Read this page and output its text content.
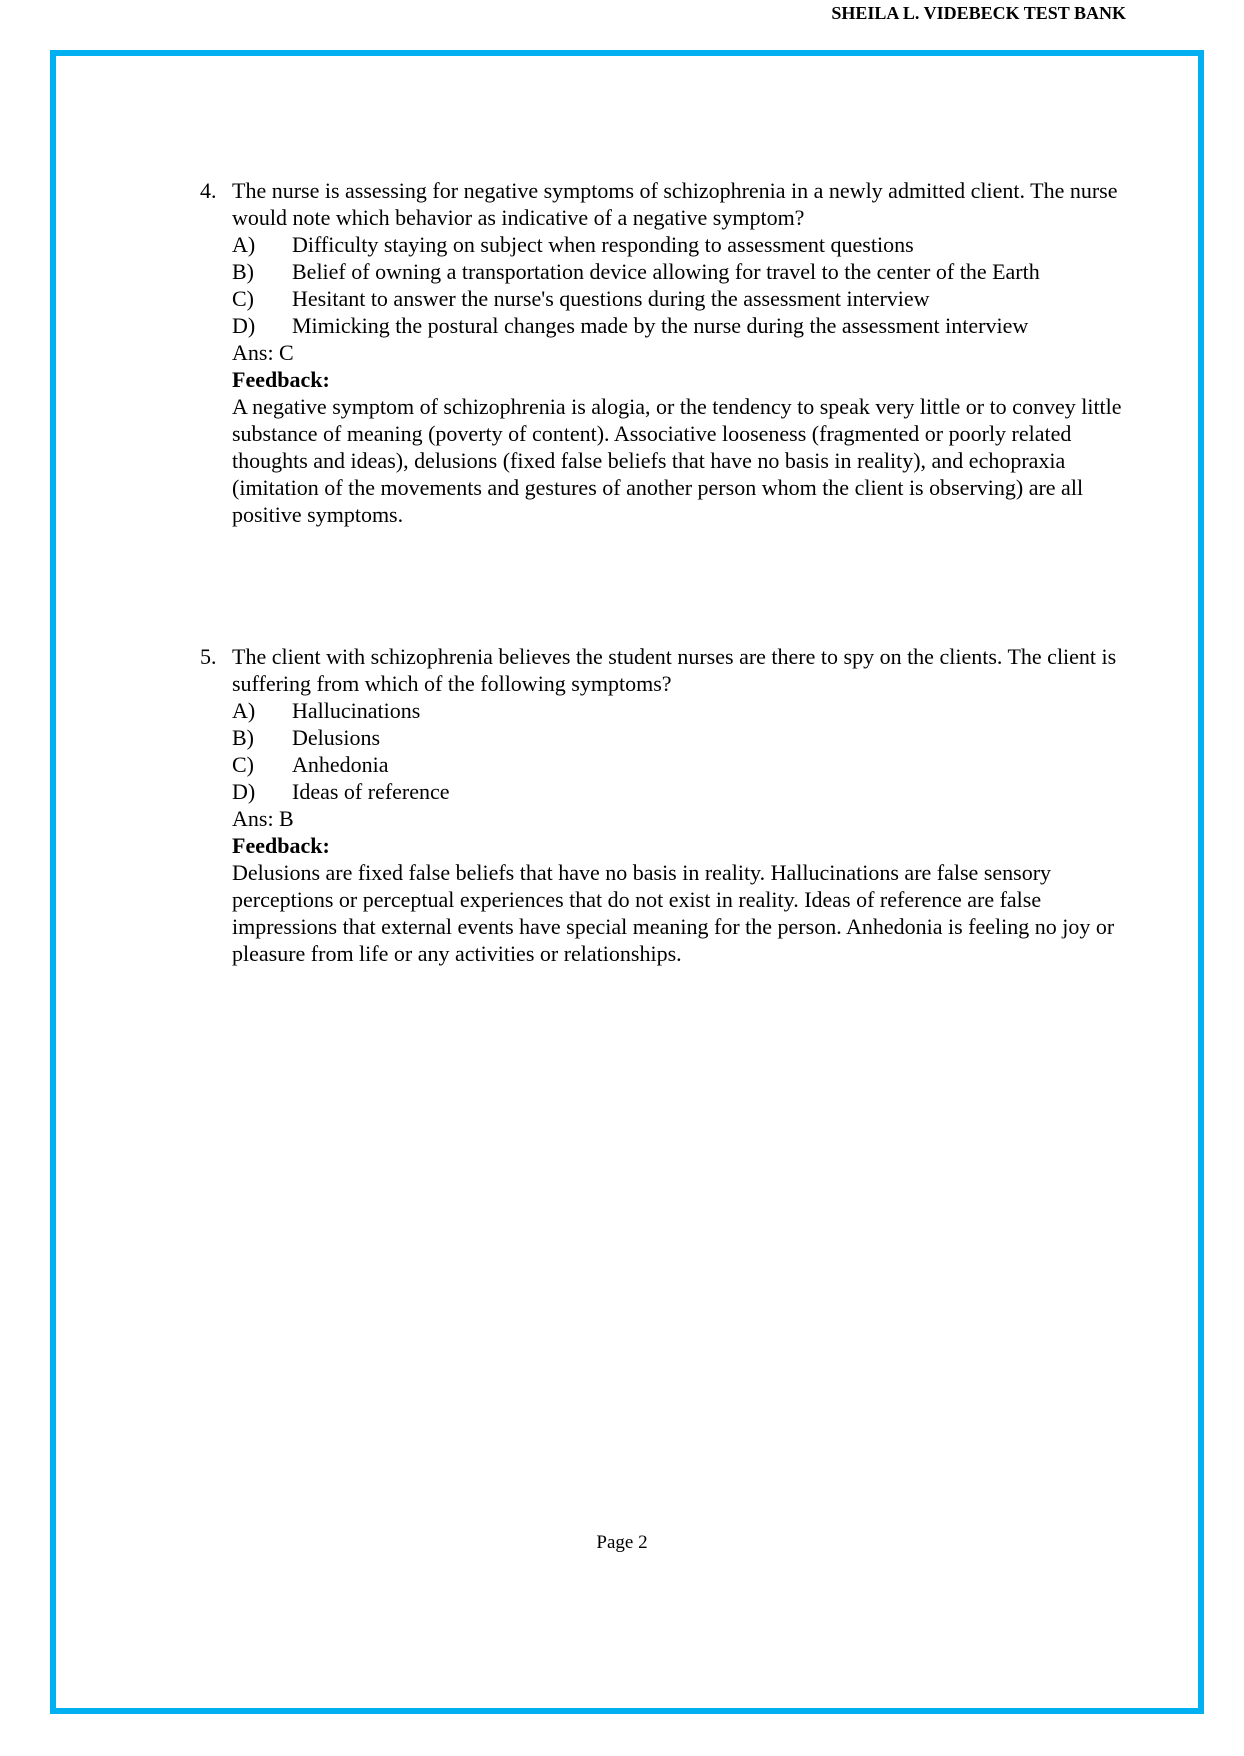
SHEILA L. VIDEBECK TEST BANK
4. The nurse is assessing for negative symptoms of schizophrenia in a newly admitted client. The nurse would note which behavior as indicative of a negative symptom?
A) Difficulty staying on subject when responding to assessment questions
B) Belief of owning a transportation device allowing for travel to the center of the Earth
C) Hesitant to answer the nurse's questions during the assessment interview
D) Mimicking the postural changes made by the nurse during the assessment interview
Ans: C
Feedback:
A negative symptom of schizophrenia is alogia, or the tendency to speak very little or to convey little substance of meaning (poverty of content). Associative looseness (fragmented or poorly related thoughts and ideas), delusions (fixed false beliefs that have no basis in reality), and echopraxia (imitation of the movements and gestures of another person whom the client is observing) are all positive symptoms.
5. The client with schizophrenia believes the student nurses are there to spy on the clients. The client is suffering from which of the following symptoms?
A) Hallucinations
B) Delusions
C) Anhedonia
D) Ideas of reference
Ans: B
Feedback:
Delusions are fixed false beliefs that have no basis in reality. Hallucinations are false sensory perceptions or perceptual experiences that do not exist in reality. Ideas of reference are false impressions that external events have special meaning for the person. Anhedonia is feeling no joy or pleasure from life or any activities or relationships.
Page 2
